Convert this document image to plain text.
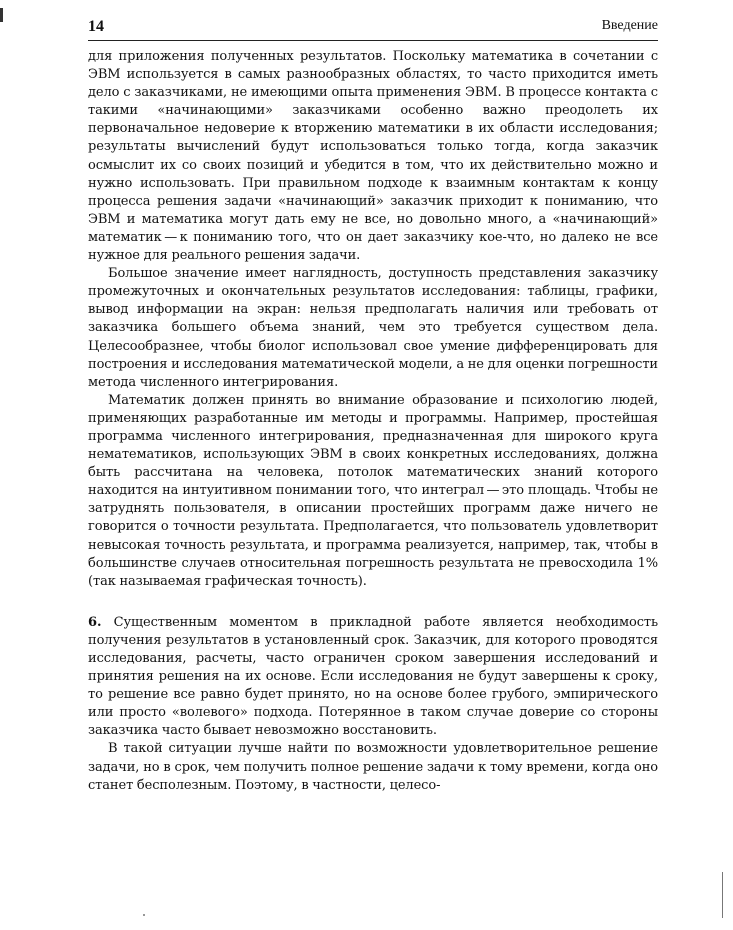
14	Введение

для приложения полученных результатов. Поскольку математика в сочетании с ЭВМ используется в самых разнообразных областях, то часто приходится иметь дело с заказчиками, не имеющими опыта применения ЭВМ. В процессе контакта с такими «начинающими» заказчиками особенно важно преодолеть их первоначальное недоверие к вторжению математики в их области исследования; результаты вычислений будут использоваться только тогда, когда заказчик осмыслит их со своих позиций и убедится в том, что их действительно можно и нужно использовать. При правильном подходе к взаимным контактам к концу процесса решения задачи «начинающий» заказчик приходит к пониманию, что ЭВМ и математика могут дать ему не все, но довольно много, а «начинающий» математик — к пониманию того, что он дает заказчику кое-что, но далеко не все нужное для реального решения задачи.

Большое значение имеет наглядность, доступность представления заказчику промежуточных и окончательных результатов исследования: таблицы, графики, вывод информации на экран: нельзя предполагать наличия или требовать от заказчика большего объема знаний, чем это требуется существом дела. Целесообразнее, чтобы биолог использовал свое умение дифференцировать для построения и исследования математической модели, а не для оценки погрешности метода численного интегрирования.

Математик должен принять во внимание образование и психологию людей, применяющих разработанные им методы и программы. Например, простейшая программа численного интегрирования, предназначенная для широкого круга нематематиков, использующих ЭВМ в своих конкретных исследованиях, должна быть рассчитана на человека, потолок математических знаний которого находится на интуитивном понимании того, что интеграл — это площадь. Чтобы не затруднять пользователя, в описании простейших программ даже ничего не говорится о точности результата. Предполагается, что пользователь удовлетворит невысокая точность результата, и программа реализуется, например, так, чтобы в большинстве случаев относительная погрешность результата не превосходила 1% (так называемая графическая точность).

6. Существенным моментом в прикладной работе является необходимость получения результатов в установленный срок. Заказчик, для которого проводятся исследования, расчеты, часто ограничен сроком завершения исследований и принятия решения на их основе. Если исследования не будут завершены к сроку, то решение все равно будет принято, но на основе более грубого, эмпирического или просто «волевого» подхода. Потерянное в таком случае доверие со стороны заказчика часто бывает невозможно восстановить.

В такой ситуации лучше найти по возможности удовлетворительное решение задачи, но в срок, чем получить полное решение задачи к тому времени, когда оно станет бесполезным. Поэтому, в частности, целесо-
